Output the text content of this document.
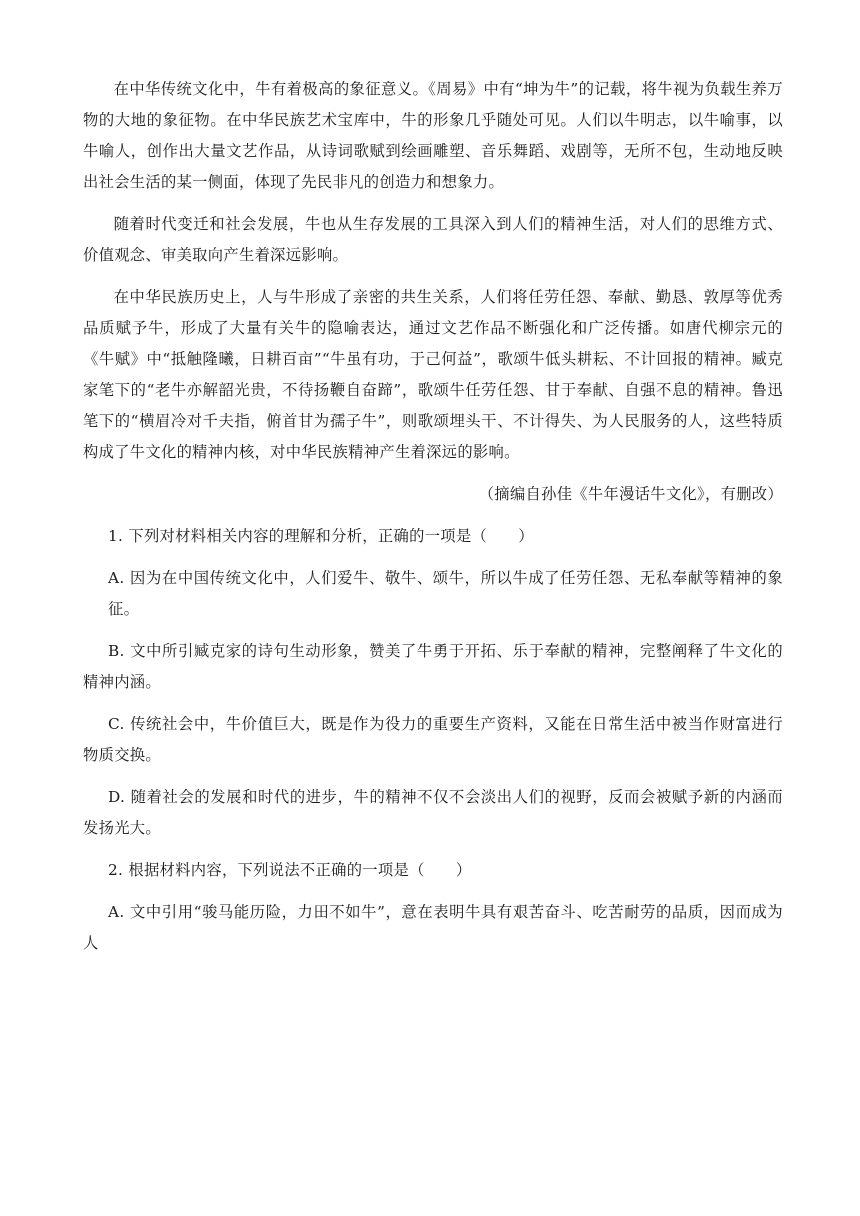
在中华传统文化中，牛有着极高的象征意义。《周易》中有“坤为牛”的记载，将牛视为负载生养万物的大地的象征物。在中华民族艺术宝库中，牛的形象几乎随处可见。人们以牛明志，以牛喻事，以牛喻人，创作出大量文艺作品，从诗词歌赋到绘画雕塑、音乐舞蹈、戏剧等，无所不包，生动地反映出社会生活的某一侧面，体现了先民非凡的创造力和想象力。

随着时代变迁和社会发展，牛也从生存发展的工具深入到人们的精神生活，对人们的思维方式、价值观念、审美取向产生着深远影响。

在中华民族历史上，人与牛形成了亲密的共生关系，人们将任劳任怨、奉献、勤恳、敦厚等优秀品质赋予牛，形成了大量有关牛的隐喻表达，通过文艺作品不断强化和广泛传播。如唐代柳宗元的《牛赋》中“抵触隆曦，日耕百亩”“牛虽有功，于己何益”，歌颂牛低头耕耘、不计回报的精神。臧克家笔下的“老牛亦解韶光贵，不待扬鞭自奋蹄”，歌颂牛任劳任怨、甘于奉献、自强不息的精神。鲁迅笔下的“横眉冷对千夫指，俯首甘为孺子牛”，则歌颂埋头干、不计得失、为人民服务的人，这些特质构成了牛文化的精神内核，对中华民族精神产生着深远的影响。

（摘编自孙佳《牛年漫话牛文化》，有删改）

1. 下列对材料相关内容的理解和分析，正确的一项是（　　）

A. 因为在中国传统文化中，人们爱牛、敬牛、颂牛，所以牛成了任劳任怨、无私奉献等精神的象征。

B. 文中所引臧克家的诗句生动形象，赞美了牛勇于开拓、乐于奉献的精神，完整阐释了牛文化的精神内涵。

C. 传统社会中，牛价值巨大，既是作为役力的重要生产资料，又能在日常生活中被当作财富进行物质交换。

D. 随着社会的发展和时代的进步，牛的精神不仅不会淡出人们的视野，反而会被赋予新的内涵而发扬光大。

2. 根据材料内容，下列说法不正确的一项是（　　）

A. 文中引用“骏马能历险，力田不如牛”，意在表明牛具有艰苦奋斗、吃苦耐劳的品质，因而成为人
